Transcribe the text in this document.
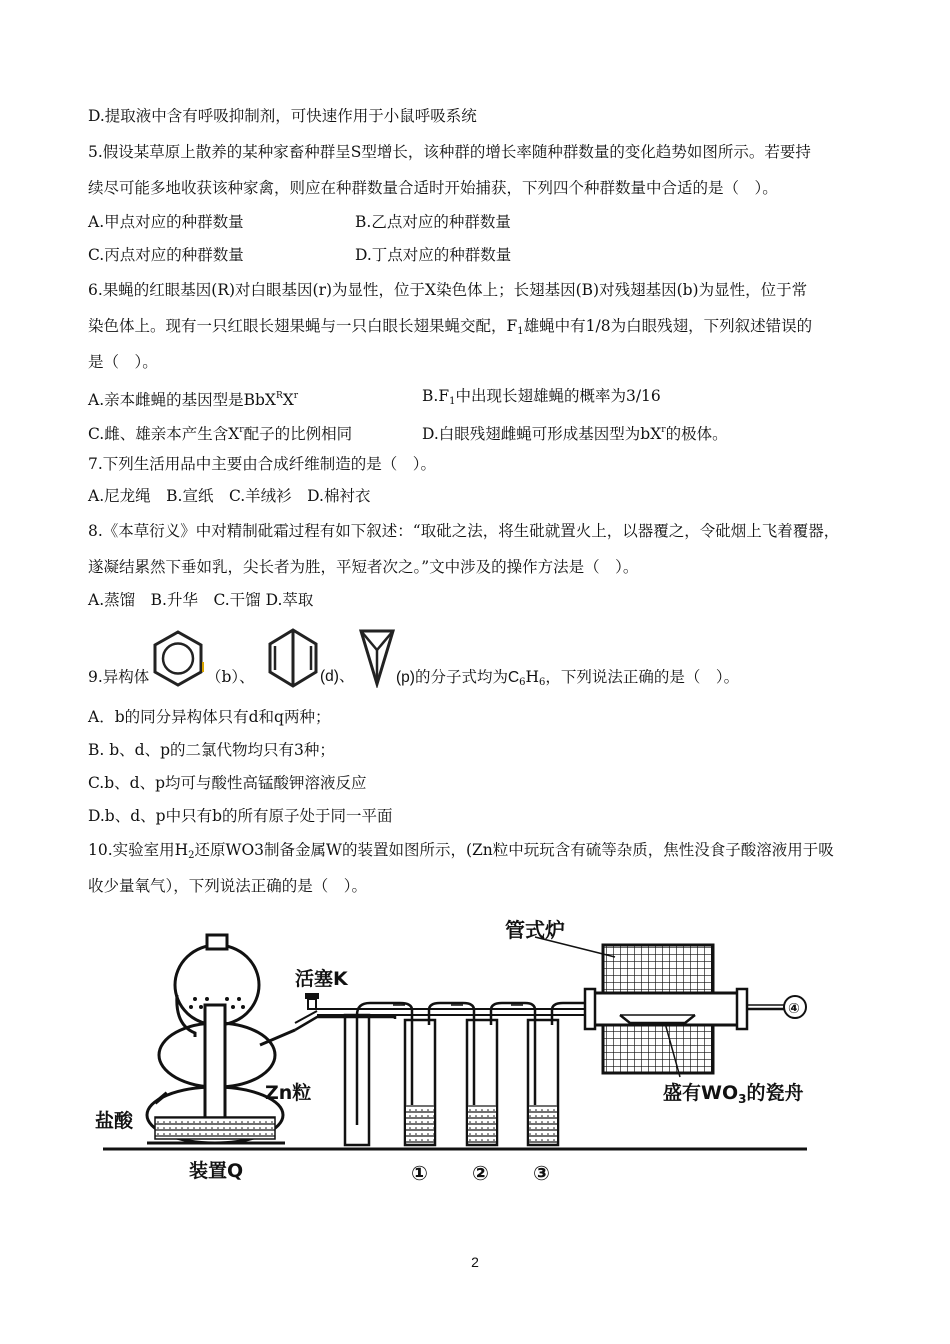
D.提取液中含有呼吸抑制剂，可快速作用于小鼠呼吸系统
5.假设某草原上散养的某种家畜种群呈S型增长，该种群的增长率随种群数量的变化趋势如图所示。若要持
续尽可能多地收获该种家禽，则应在种群数量合适时开始捕获，下列四个种群数量中合适的是（　）。
A.甲点对应的种群数量	B.乙点对应的种群数量
C.丙点对应的种群数量	D.丁点对应的种群数量
6.果蝇的红眼基因(R)对白眼基因(r)为显性，位于X染色体上；长翅基因(B)对残翅基因(b)为显性，位于常
染色体上。现有一只红眼长翅果蝇与一只白眼长翅果蝇交配，$F_1$雄蝇中有1/8为白眼残翅，下列叙述错误的
是（　）。
A.亲本雌蝇的基因型是$BbX^RX^r$	$B.F_1$中出现长翅雄蝇的概率为3/16
C.雌、雄亲本产生含$X^r$配子的比例相同	D.白眼残翅雌蝇可形成基因型为$bX^r$的极体。
7.下列生活用品中主要由合成纤维制造的是（　）。
A.尼龙绳　B.宣纸　C.羊绒衫　D.棉衬衣
8.《本草衍义》中对精制砒霜过程有如下叙述：“取砒之法，将生砒就置火上，以器覆之，令砒烟上飞着覆器，
遂凝结累然下垂如乳，尖长者为胜，平短者次之。”文中涉及的操作方法是（　）。
A.蒸馏　B.升华　C.干馏 D.萃取
9.异构体	（b）、	(d)、	(p)的分子式均为$C_6H_6$，下列说法正确的是（　）。
A．b的同分异构体只有d和q两种；
B. b、d、p的二氯代物均只有3种；
C.b、d、p均可与酸性高锰酸钾溶液反应
D.b、d、p中只有b的所有原子处于同一平面
10.实验室用$H_2$还原WO3制备金属W的装置如图所示，(Zn粒中玩玩含有硫等杂质，焦性没食子酸溶液用于吸
收少量氧气），下列说法正确的是（　）。
管式炉
活塞K
Zn粒
盐酸
装置Q
盛有$WO_3$的瓷舟
① ② ③
④
2
